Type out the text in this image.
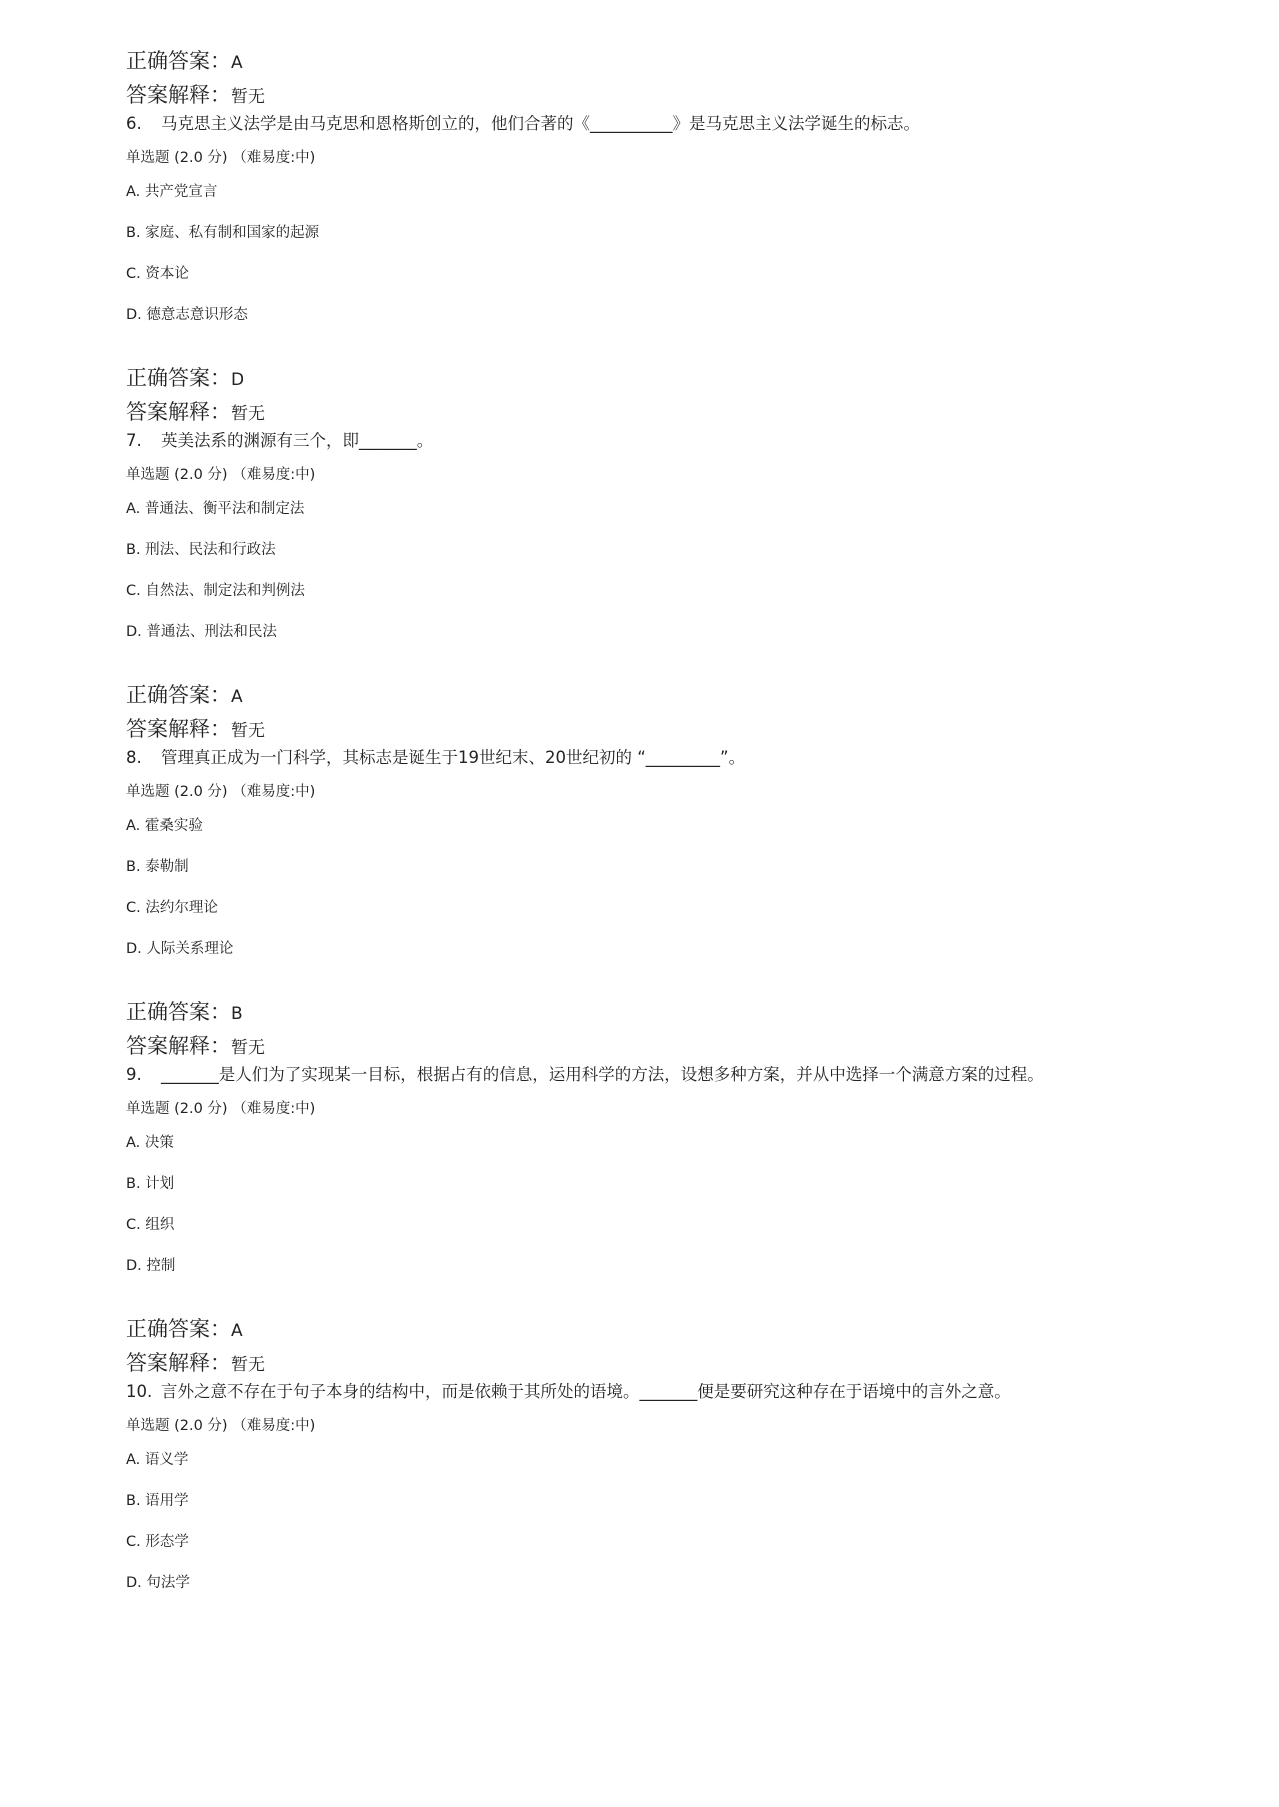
正确答案：A
答案解释：暂无
6.	马克思主义法学是由马克思和恩格斯创立的，他们合著的《__________》是马克思主义法学诞生的标志。
单选题 (2.0 分) （难易度:中)
A. 共产党宣言
B. 家庭、私有制和国家的起源
C. 资本论
D. 德意志意识形态
正确答案：D
答案解释：暂无
7.	英美法系的渊源有三个，即_______。
单选题 (2.0 分) （难易度:中)
A. 普通法、衡平法和制定法
B. 刑法、民法和行政法
C. 自然法、制定法和判例法
D. 普通法、刑法和民法
正确答案：A
答案解释：暂无
8.	管理真正成为一门科学，其标志是诞生于19世纪末、20世纪初的 “_________”。
单选题 (2.0 分) （难易度:中)
A. 霍桑实验
B. 泰勒制
C. 法约尔理论
D. 人际关系理论
正确答案：B
答案解释：暂无
9.	_______是人们为了实现某一目标，根据占有的信息，运用科学的方法，设想多种方案，并从中选择一个满意方案的过程。
单选题 (2.0 分) （难易度:中)
A. 决策
B. 计划
C. 组织
D. 控制
正确答案：A
答案解释：暂无
10. 言外之意不存在于句子本身的结构中，而是依赖于其所处的语境。_______便是要研究这种存在于语境中的言外之意。
单选题 (2.0 分) （难易度:中)
A. 语义学
B. 语用学
C. 形态学
D. 句法学
